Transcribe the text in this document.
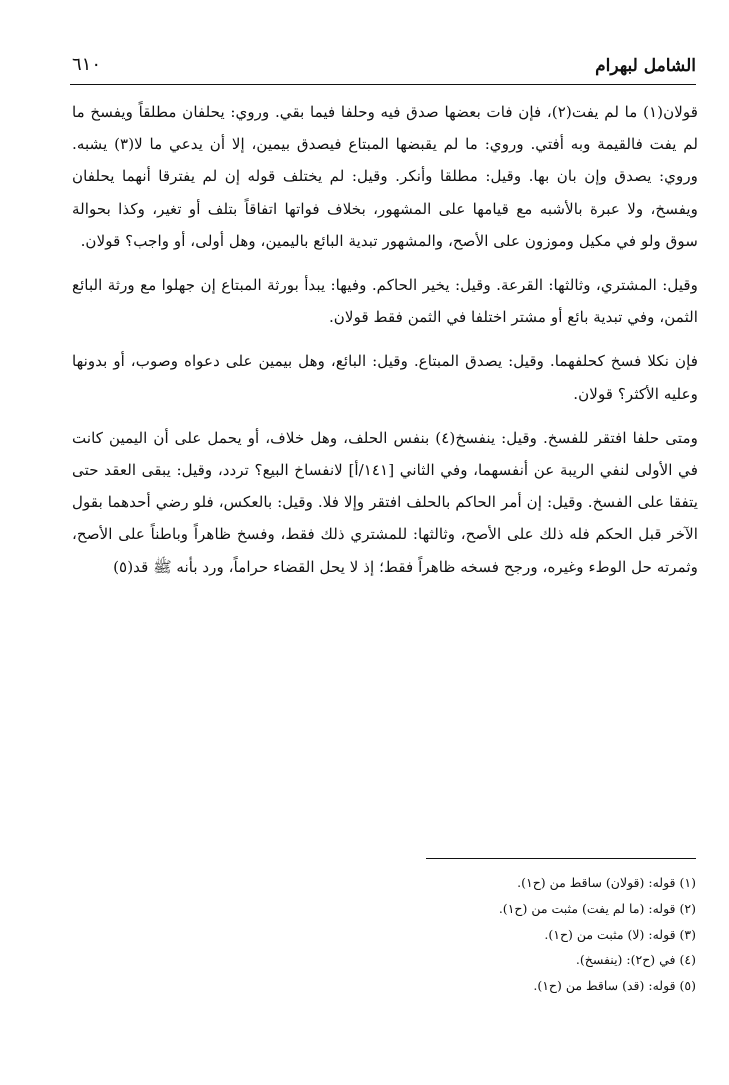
الشامل لبهرام
٦١٠

قولان(١) ما لم يفت(٢)، فإن فات بعضها صدق فيه وحلفا فيما بقي. وروي: يحلفان مطلقاً ويفسخ ما لم يفت فالقيمة وبه أفتي. وروي: ما لم يقبضها المبتاع فيصدق بيمين، إلا أن يدعي ما لا(٣) يشبه. وروي: يصدق وإن بان بها. وقيل: مطلقا وأنكر. وقيل: لم يختلف قوله إن لم يفترقا أنهما يحلفان ويفسخ، ولا عبرة بالأشبه مع قيامها على المشهور، بخلاف فواتها اتفاقاً بتلف أو تغير، وكذا بحوالة سوق ولو في مكيل وموزون على الأصح، والمشهور تبدية البائع باليمين، وهل أولى، أو واجب؟ قولان.

وقيل: المشتري، وثالثها: القرعة. وقيل: يخير الحاكم. وفيها: يبدأ بورثة المبتاع إن جهلوا مع ورثة البائع الثمن، وفي تبدية بائع أو مشتر اختلفا في الثمن فقط قولان.

فإن نكلا فسخ كحلفهما. وقيل: يصدق المبتاع. وقيل: البائع، وهل بيمين على دعواه وصوب، أو بدونها وعليه الأكثر؟ قولان.

ومتى حلفا افتقر للفسخ. وقيل: ينفسخ(٤) بنفس الحلف، وهل خلاف، أو يحمل على أن اليمين كانت في الأولى لنفي الريبة عن أنفسهما، وفي الثاني [١٤١/أ] لانفساخ البيع؟ تردد، وقيل: يبقى العقد حتى يتفقا على الفسخ. وقيل: إن أمر الحاكم بالحلف افتقر وإلا فلا. وقيل: بالعكس، فلو رضي أحدهما بقول الآخر قبل الحكم فله ذلك على الأصح، وثالثها: للمشتري ذلك فقط، وفسخ ظاهراً وباطناً على الأصح، وثمرته حل الوطء وغيره، ورجح فسخه ظاهراً فقط؛ إذ لا يحل القضاء حراماً، ورد بأنه ﷺ قد(٥)

(١) قوله: (قولان) ساقط من (ح١).
(٢) قوله: (ما لم يفت) مثبت من (ح١).
(٣) قوله: (لا) مثبت من (ح١).
(٤) في (ح٢): (ينفسخ).
(٥) قوله: (قد) ساقط من (ح١).
